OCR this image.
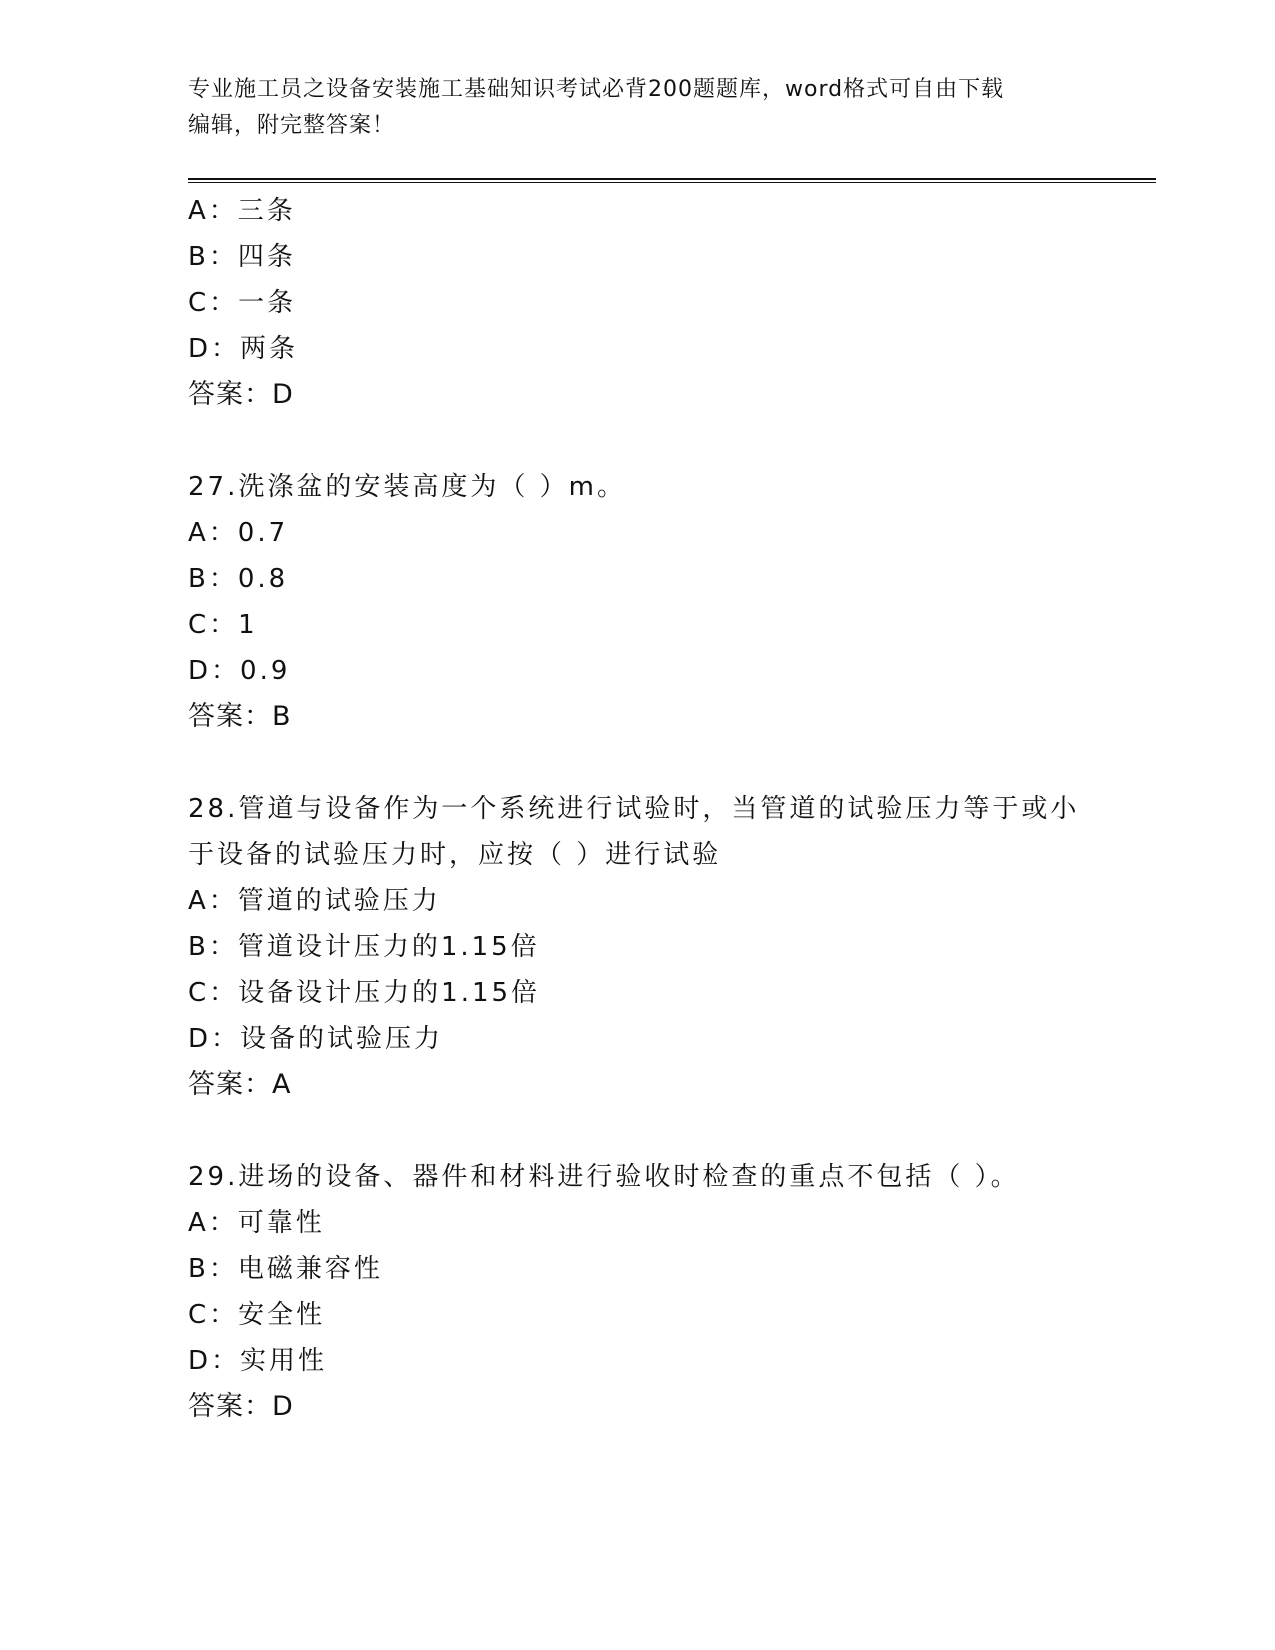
专业施工员之设备安装施工基础知识考试必背200题题库，word格式可自由下载
编辑，附完整答案！
A：三条
B：四条
C：一条
D：两条
答案：D
27.洗涤盆的安装高度为（ ）m。
A：0.7
B：0.8
C：1
D：0.9
答案：B
28.管道与设备作为一个系统进行试验时，当管道的试验压力等于或小
于设备的试验压力时，应按（ ）进行试验
A：管道的试验压力
B：管道设计压力的1.15倍
C：设备设计压力的1.15倍
D：设备的试验压力
答案：A
29.进场的设备、器件和材料进行验收时检查的重点不包括（ ）。
A：可靠性
B：电磁兼容性
C：安全性
D：实用性
答案：D
